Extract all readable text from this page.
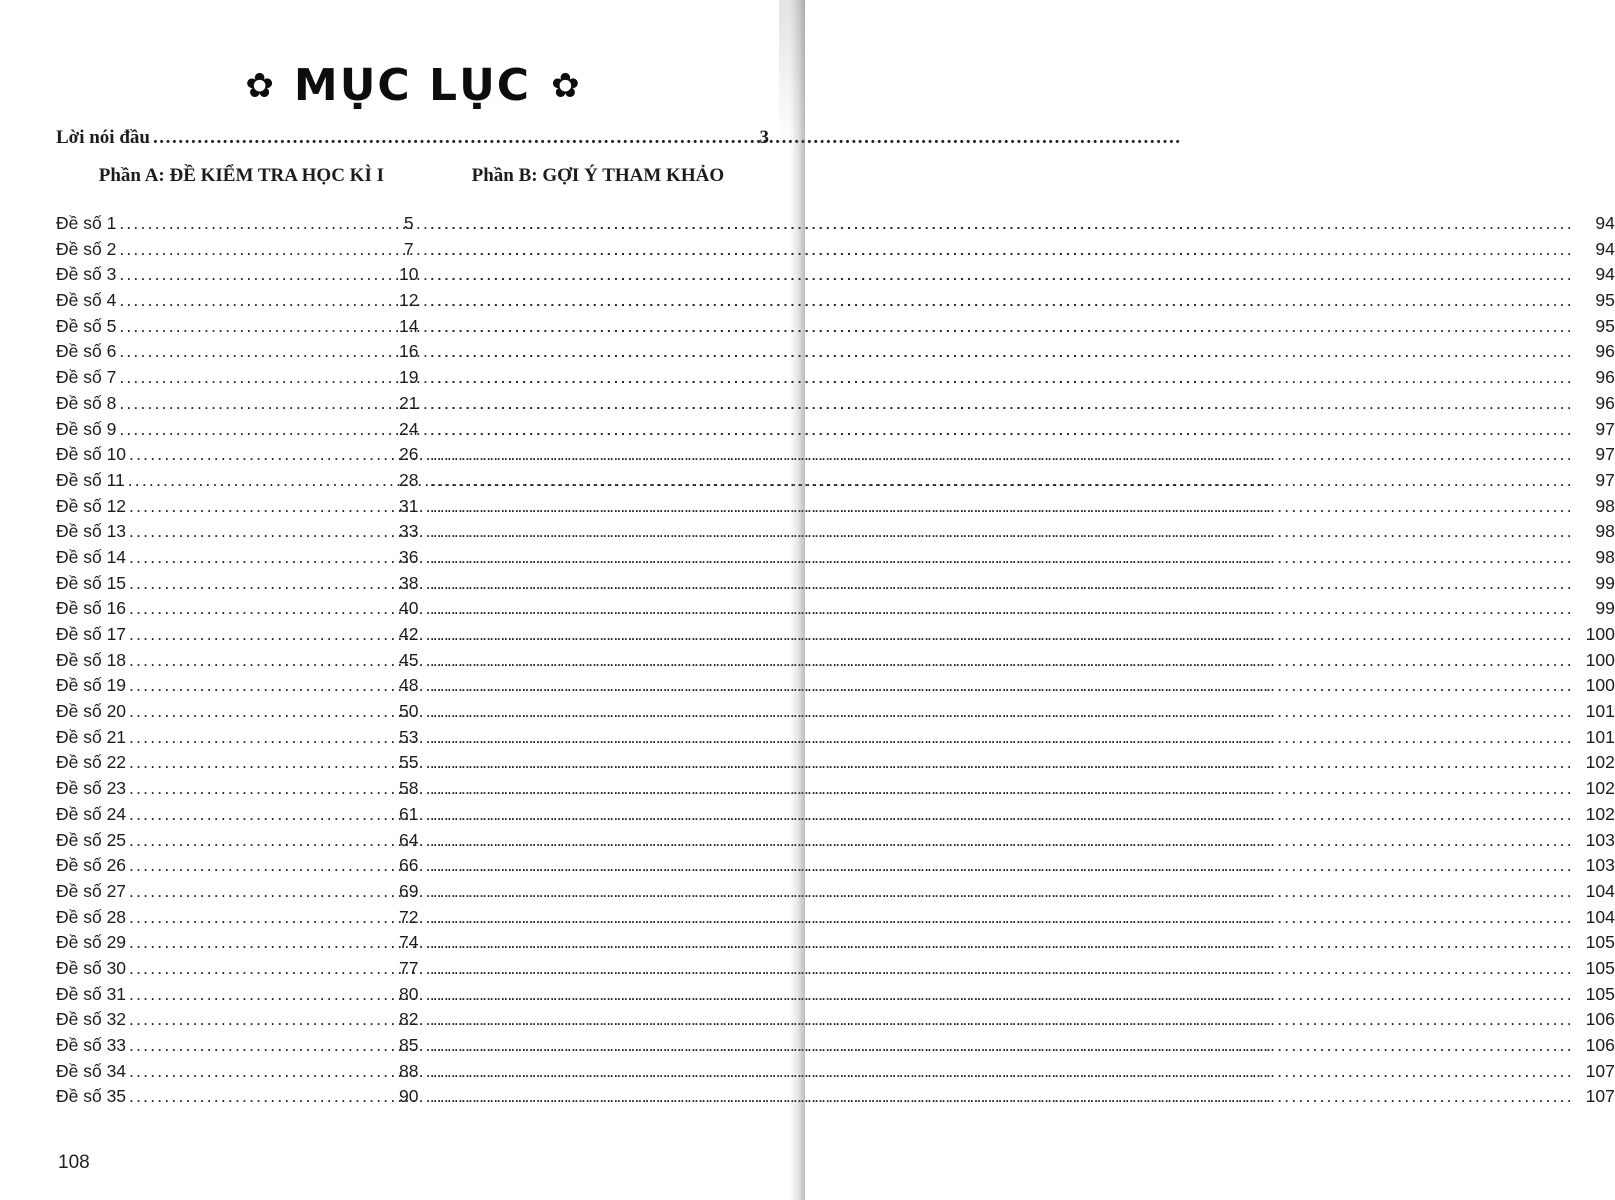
✿ MỤC LỤC ✿
Lời nói đầu .....	3
Phần A: ĐỀ KIỂM TRA HỌC KÌ I	Phần B: GỢI Ý THAM KHẢO
Đề số 1 .....	5 .....	94
Đề số 2 .....	7 .....	94
Đề số 3 .....	10 .....	94
Đề số 4 .....	12 .....	95
Đề số 5 .....	14 .....	95
Đề số 6 .....	16 .....	96
Đề số 7 .....	19 .....	96
Đề số 8 .....	21 .....	96
Đề số 9 .....	24 .....	97
Đề số 10 .....	26 .....	97
Đề số 11 .....	28 .....	97
Đề số 12 .....	31 .....	98
Đề số 13 .....	33 .....	98
Đề số 14 .....	36 .....	98
Đề số 15 .....	38 .....	99
Đề số 16 .....	40 .....	99
Đề số 17 .....	42 .....	100
Đề số 18 .....	45 .....	100
Đề số 19 .....	48 .....	100
Đề số 20 .....	50 .....	101
Đề số 21 .....	53 .....	101
Đề số 22 .....	55 .....	102
Đề số 23 .....	58 .....	102
Đề số 24 .....	61 .....	102
Đề số 25 .....	64 .....	103
Đề số 26 .....	66 .....	103
Đề số 27 .....	69 .....	104
Đề số 28 .....	72 .....	104
Đề số 29 .....	74 .....	105
Đề số 30 .....	77 .....	105
Đề số 31 .....	80 .....	105
Đề số 32 .....	82 .....	106
Đề số 33 .....	85 .....	106
Đề số 34 .....	88 .....	107
Đề số 35 .....	90 .....	107
108
